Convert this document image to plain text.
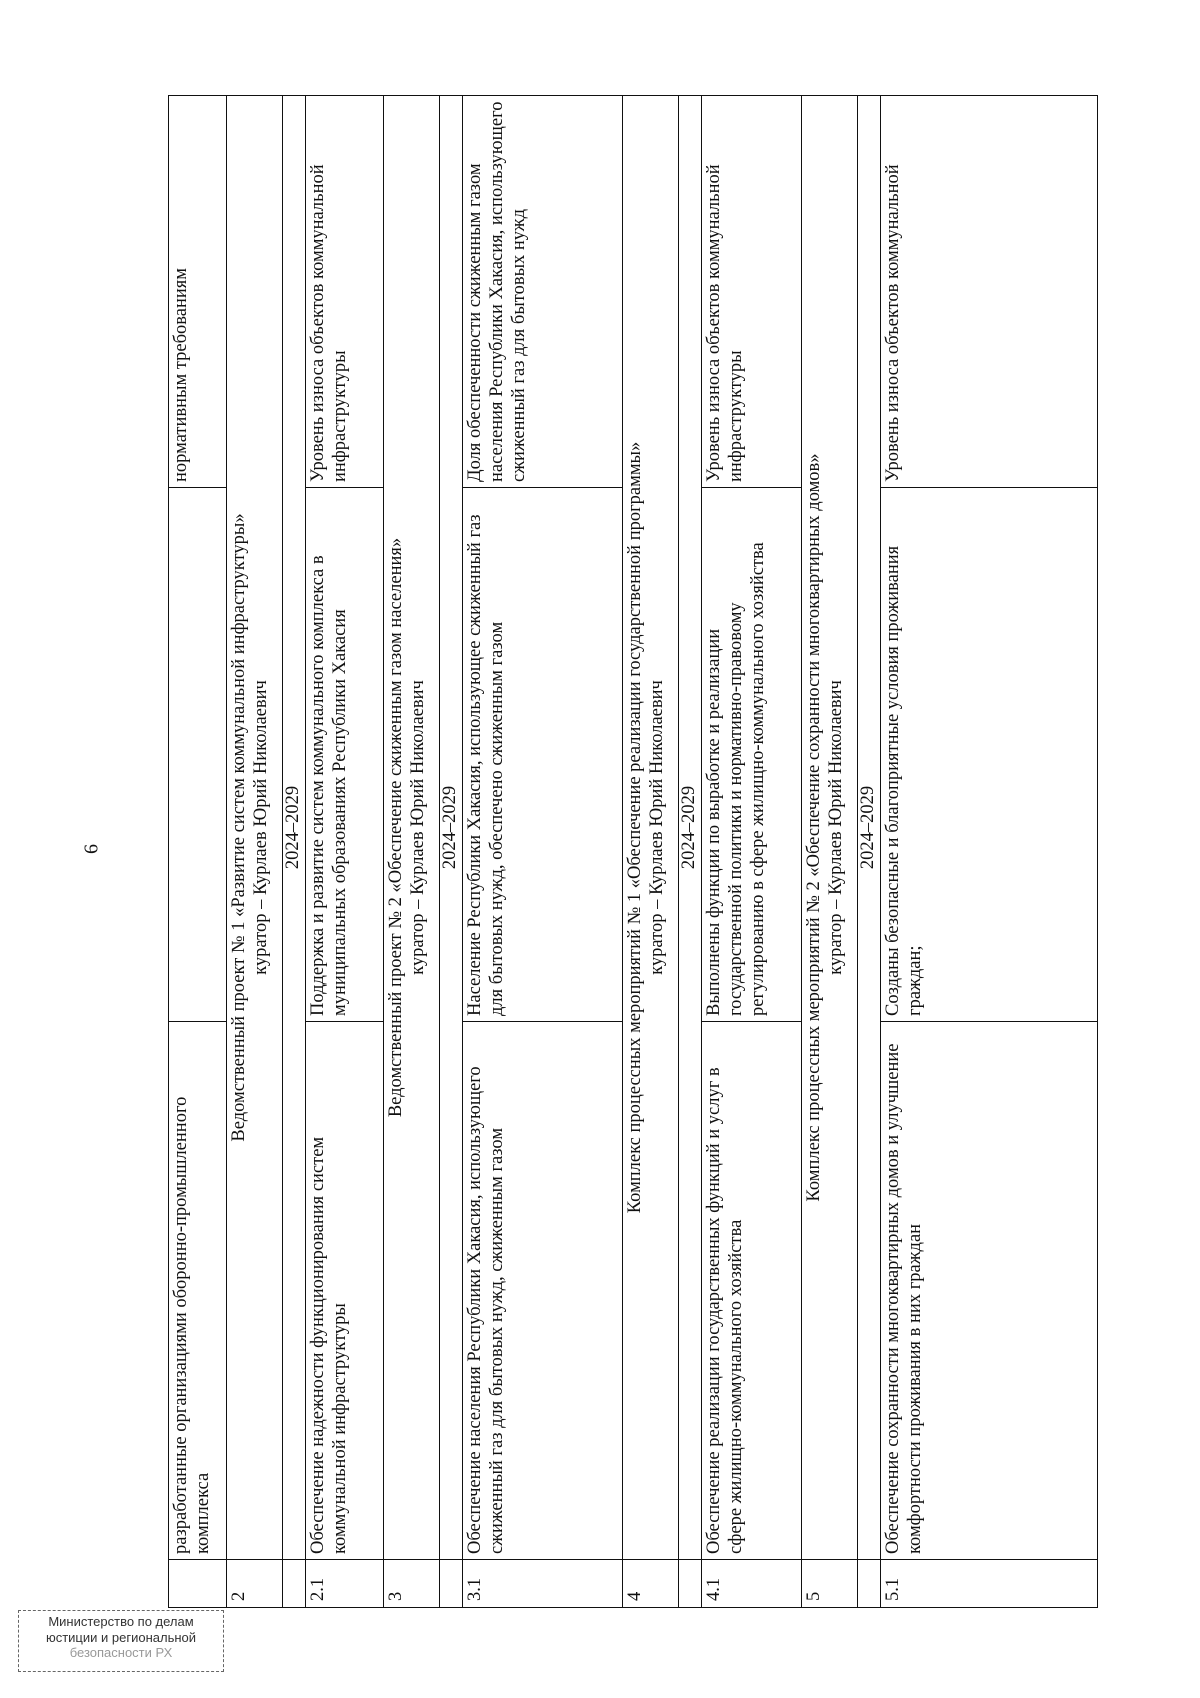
6
	разработанные организациями оборонно-промышленного комплекса		нормативным требованиям
2	Ведомственный проект № 1 «Развитие систем коммунальной инфраструктуры» куратор – Курлаев Юрий Николаевич		

	2024–2029		
2.1	Обеспечение надежности функционирования систем коммунальной инфраструктуры	Поддержка и развитие систем коммунального комплекса в муниципальных образованиях Республики Хакасия	Уровень износа объектов коммунальной инфраструктуры
3	Ведомственный проект № 2 «Обеспечение сжиженным газом населения» куратор – Курлаев Юрий Николаевич		

	2024–2029		
3.1	Обеспечение населения Республики Хакасия, использующего сжиженный газ для бытовых нужд, сжиженным газом	Население Республики Хакасия, использующее сжиженный газ для бытовых нужд, обеспечено сжиженным газом	Доля обеспеченности сжиженным газом населения Республики Хакасия, использующего сжиженный газ для бытовых нужд
4	Комплекс процессных мероприятий № 1 «Обеспечение реализации государственной программы» куратор – Курлаев Юрий Николаевич		

	2024–2029		
4.1	Обеспечение реализации государственных функций и услуг в сфере жилищно-коммунального хозяйства	Выполнены функции по выработке и реализации государственной политики и нормативно-правовому регулированию в сфере жилищно-коммунального хозяйства	Уровень износа объектов коммунальной инфраструктуры
5	Комплекс процессных мероприятий № 2 «Обеспечение сохранности многоквартирных домов» куратор – Курлаев Юрий Николаевич		

	2024–2029		
5.1	Обеспечение сохранности многоквартирных домов и улучшение комфортности проживания в них граждан	Созданы безопасные и благоприятные условия проживания граждан;	Уровень износа объектов коммунальной
Министерство по делам
юстиции и региональной
безопасности РХ
